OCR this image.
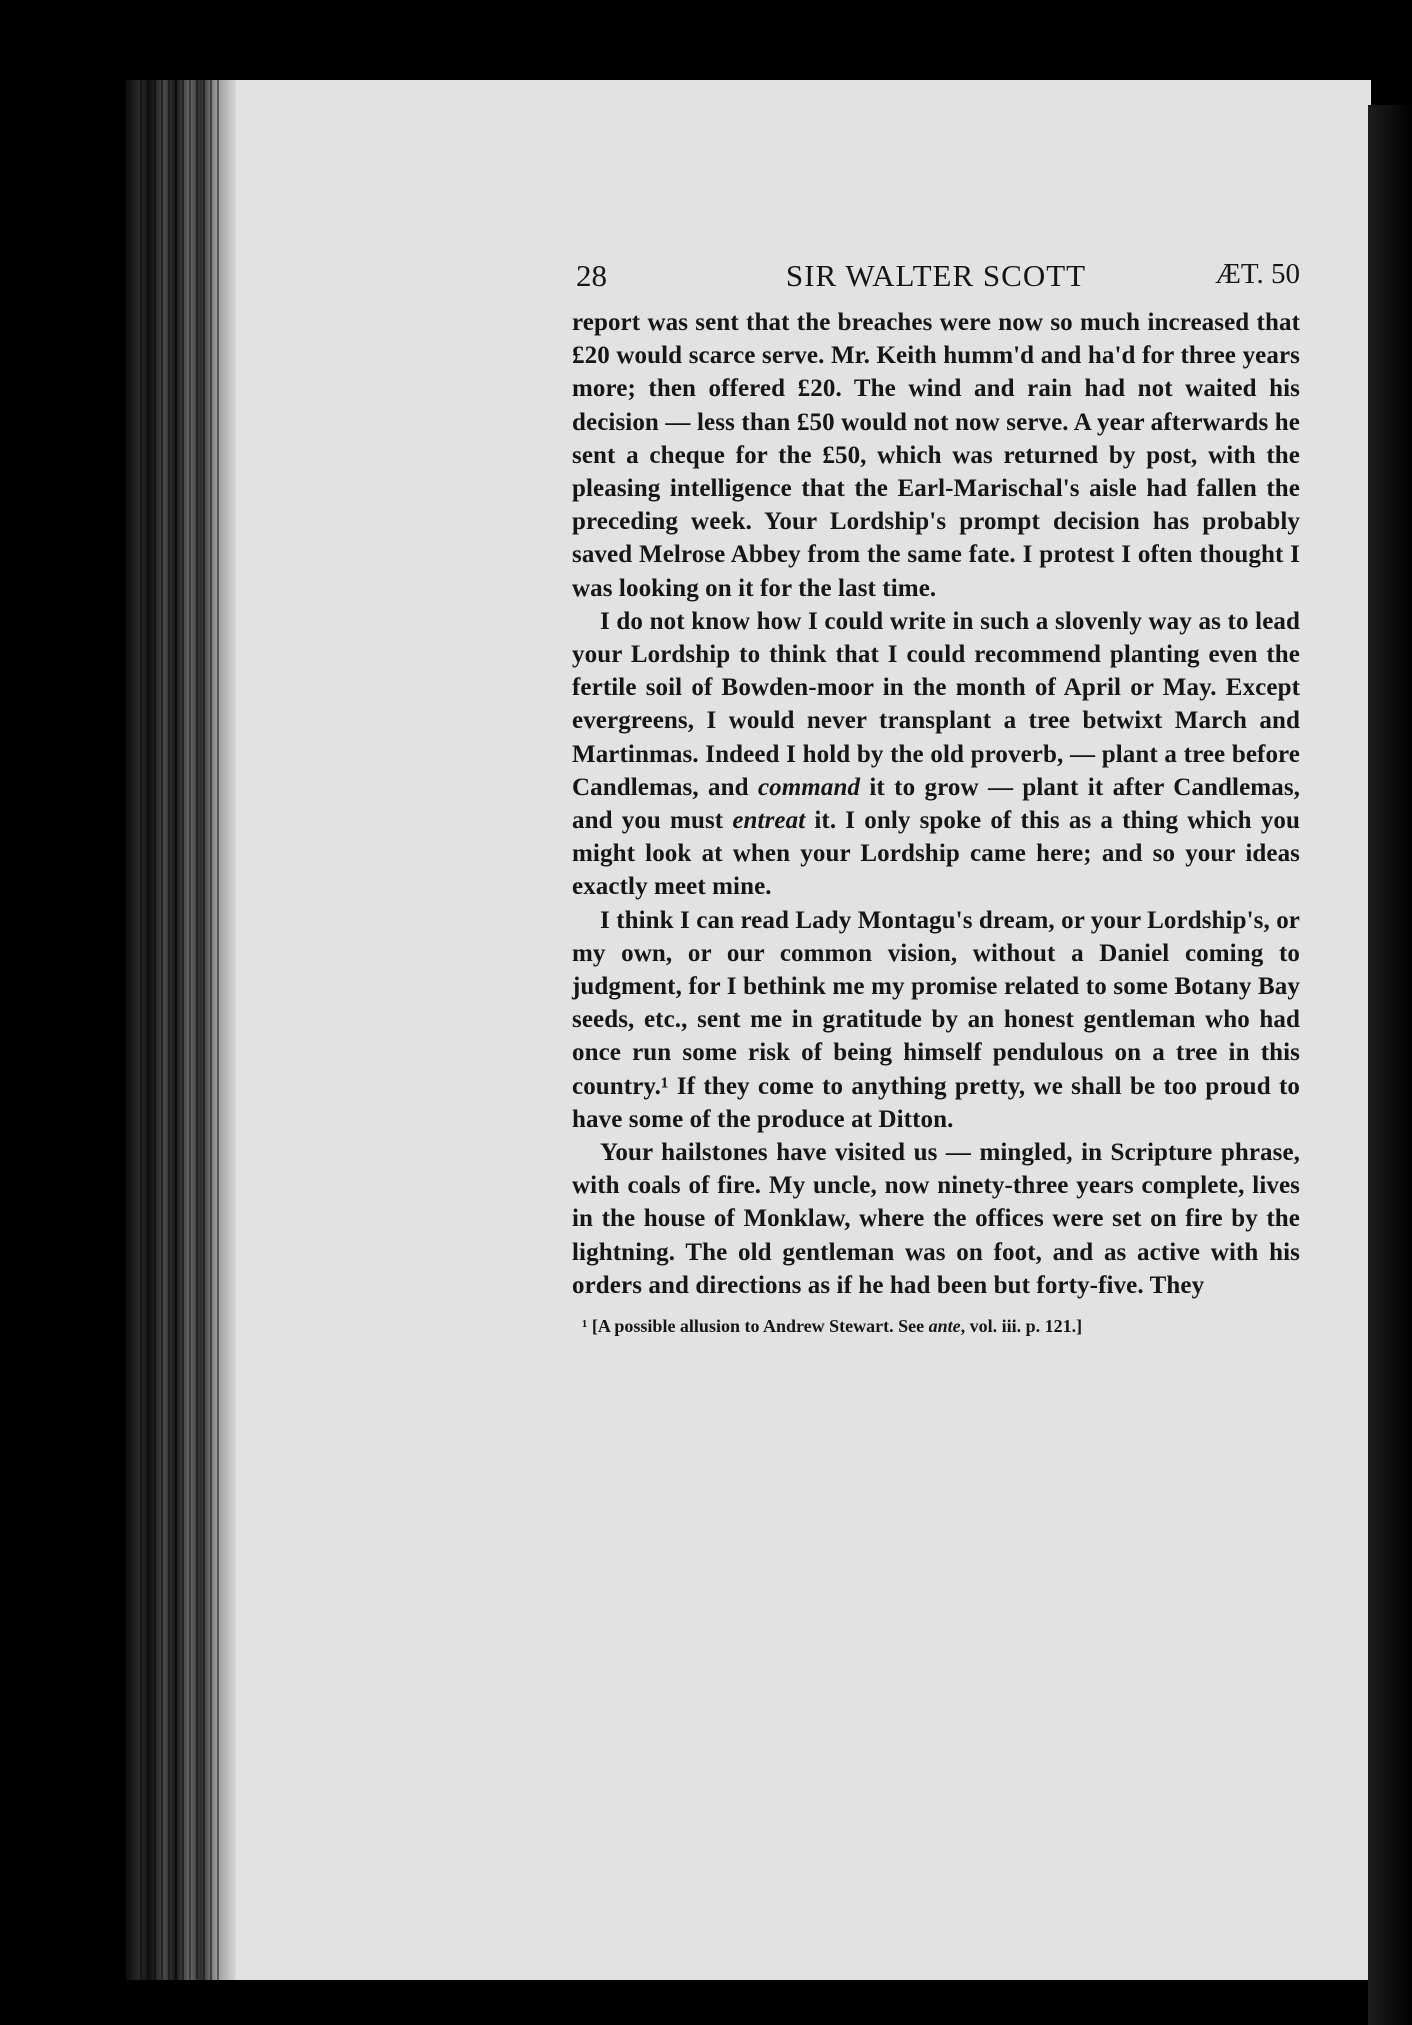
28	SIR WALTER SCOTT	ÆT. 50

report was sent that the breaches were now so much increased that £20 would scarce serve. Mr. Keith humm'd and ha'd for three years more; then offered £20. The wind and rain had not waited his decision — less than £50 would not now serve. A year afterwards he sent a cheque for the £50, which was returned by post, with the pleasing intelligence that the Earl-Marischal's aisle had fallen the preceding week. Your Lordship's prompt decision has probably saved Melrose Abbey from the same fate. I protest I often thought I was looking on it for the last time.

I do not know how I could write in such a slovenly way as to lead your Lordship to think that I could recommend planting even the fertile soil of Bowden-moor in the month of April or May. Except evergreens, I would never transplant a tree betwixt March and Martinmas. Indeed I hold by the old proverb, — plant a tree before Candlemas, and command it to grow — plant it after Candlemas, and you must entreat it. I only spoke of this as a thing which you might look at when your Lordship came here; and so your ideas exactly meet mine.

I think I can read Lady Montagu's dream, or your Lordship's, or my own, or our common vision, without a Daniel coming to judgment, for I bethink me my promise related to some Botany Bay seeds, etc., sent me in gratitude by an honest gentleman who had once run some risk of being himself pendulous on a tree in this country.¹ If they come to anything pretty, we shall be too proud to have some of the produce at Ditton.

Your hailstones have visited us — mingled, in Scripture phrase, with coals of fire. My uncle, now ninety-three years complete, lives in the house of Monklaw, where the offices were set on fire by the lightning. The old gentleman was on foot, and as active with his orders and directions as if he had been but forty-five. They

¹ [A possible allusion to Andrew Stewart. See ante, vol. iii. p. 121.]
